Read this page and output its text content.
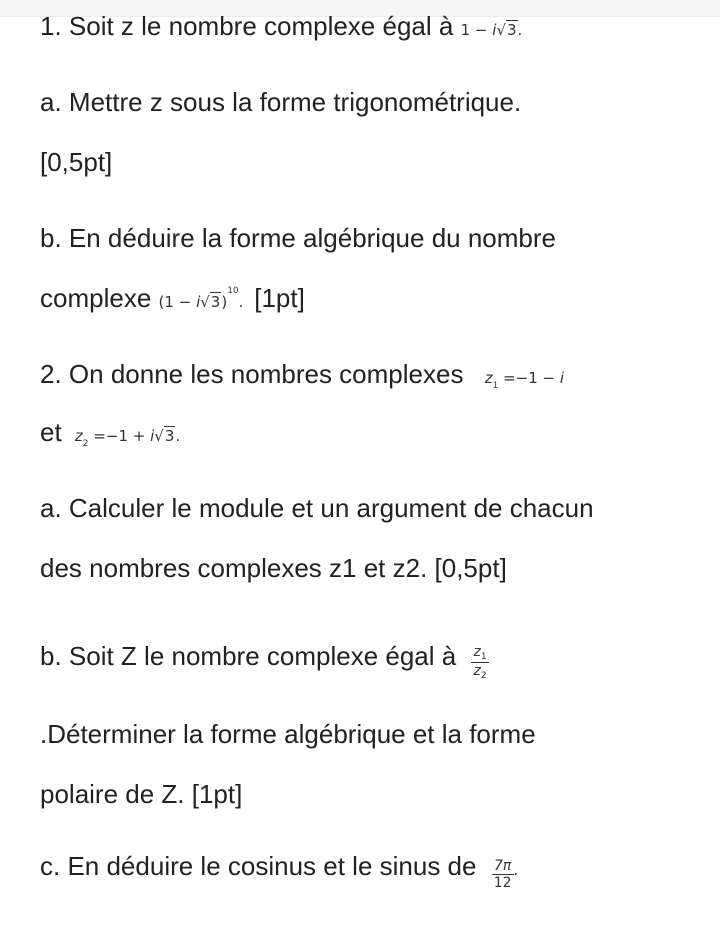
1. Soit z le nombre complexe égal à 1 − i√3.
a. Mettre z sous la forme trigonométrique.
[0,5pt]
b. En déduire la forme algébrique du nombre
complexe $(1 - i√3)^{10}$. [1pt]
2. On donne les nombres complexes $z_1 =-1 - i$
et $z_2 =-1 + i√3$.
a. Calculer le module et un argument de chacun
des nombres complexes z1 et z2. [0,5pt]
b. Soit Z le nombre complexe égal à $\frac{z_1}{z_2}$
.Déterminer la forme algébrique et la forme
polaire de Z. [1pt]
c. En déduire le cosinus et le sinus de $\frac{7\pi}{12}$ .
